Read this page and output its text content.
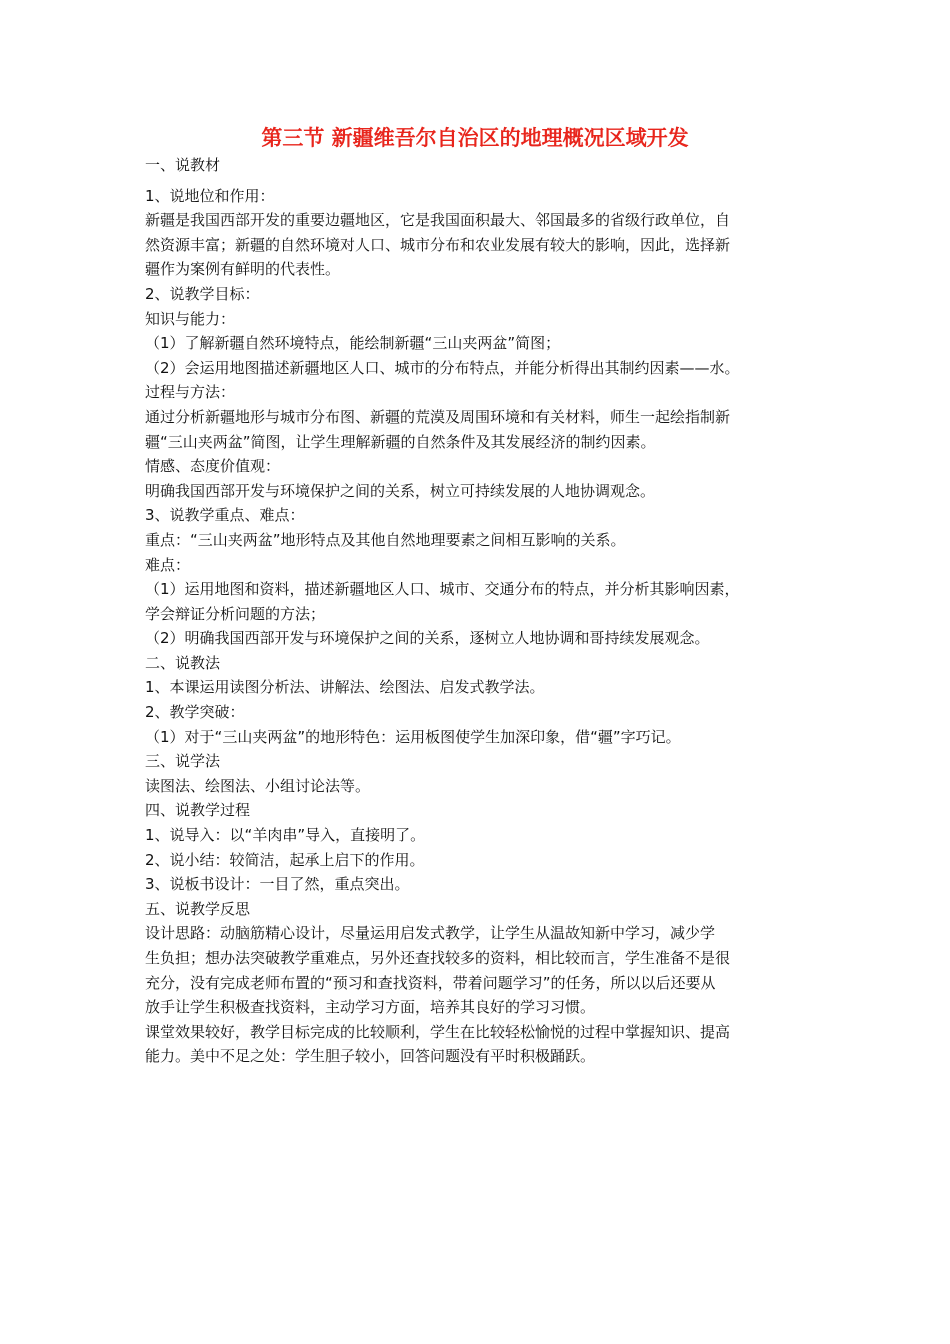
第三节 新疆维吾尔自治区的地理概况区域开发
一、说教材
1、说地位和作用：
新疆是我国西部开发的重要边疆地区，它是我国面积最大、邻国最多的省级行政单位，自
然资源丰富；新疆的自然环境对人口、城市分布和农业发展有较大的影响，因此，选择新
疆作为案例有鲜明的代表性。
2、说教学目标：
知识与能力：
（1）了解新疆自然环境特点，能绘制新疆“三山夹两盆”简图；
（2）会运用地图描述新疆地区人口、城市的分布特点，并能分析得出其制约因素——水。
过程与方法：
通过分析新疆地形与城市分布图、新疆的荒漠及周围环境和有关材料，师生一起绘指制新
疆“三山夹两盆”简图，让学生理解新疆的自然条件及其发展经济的制约因素。
情感、态度价值观：
明确我国西部开发与环境保护之间的关系，树立可持续发展的人地协调观念。
3、说教学重点、难点：
重点：“三山夹两盆”地形特点及其他自然地理要素之间相互影响的关系。
难点：
（1）运用地图和资料，描述新疆地区人口、城市、交通分布的特点，并分析其影响因素，
学会辩证分析问题的方法；
（2）明确我国西部开发与环境保护之间的关系，逐树立人地协调和哥持续发展观念。
二、说教法
1、本课运用读图分析法、讲解法、绘图法、启发式教学法。
2、教学突破：
（1）对于“三山夹两盆”的地形特色：运用板图使学生加深印象，借“疆”字巧记。
三、说学法
读图法、绘图法、小组讨论法等。
四、说教学过程
1、说导入：以“羊肉串”导入，直接明了。
2、说小结：较简洁，起承上启下的作用。
3、说板书设计：一目了然，重点突出。
五、说教学反思
设计思路：动脑筋精心设计，尽量运用启发式教学，让学生从温故知新中学习，减少学
生负担；想办法突破教学重难点，另外还查找较多的资料，相比较而言，学生准备不是很
充分，没有完成老师布置的“预习和查找资料，带着问题学习”的任务，所以以后还要从
放手让学生积极查找资料，主动学习方面，培养其良好的学习习惯。
课堂效果较好，教学目标完成的比较顺利，学生在比较轻松愉悦的过程中掌握知识、提高
能力。美中不足之处：学生胆子较小，回答问题没有平时积极踊跃。
